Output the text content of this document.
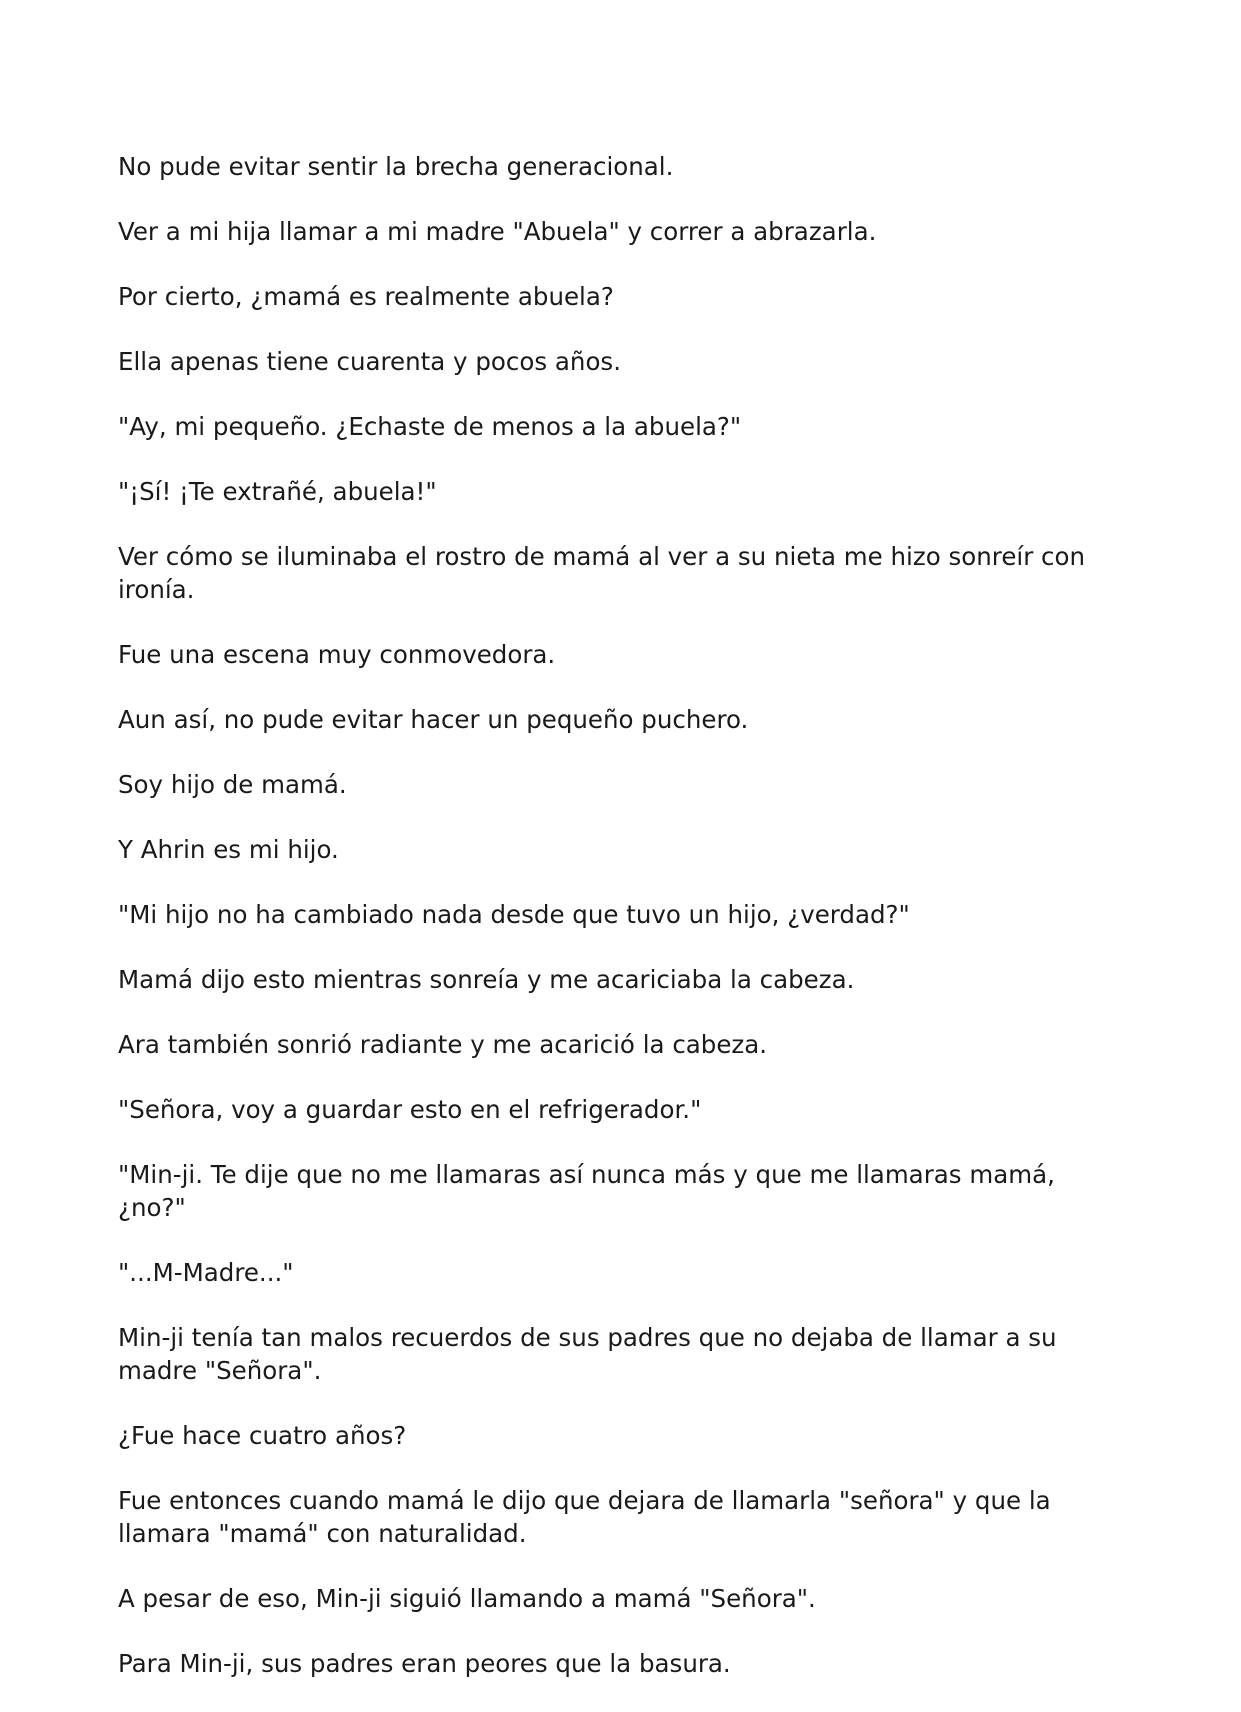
No pude evitar sentir la brecha generacional.

Ver a mi hija llamar a mi madre "Abuela" y correr a abrazarla.

Por cierto, ¿mamá es realmente abuela?

Ella apenas tiene cuarenta y pocos años.

"Ay, mi pequeño. ¿Echaste de menos a la abuela?"

"¡Sí! ¡Te extrañé, abuela!"

Ver cómo se iluminaba el rostro de mamá al ver a su nieta me hizo sonreír con ironía.

Fue una escena muy conmovedora.

Aun así, no pude evitar hacer un pequeño puchero.

Soy hijo de mamá.

Y Ahrin es mi hijo.

"Mi hijo no ha cambiado nada desde que tuvo un hijo, ¿verdad?"

Mamá dijo esto mientras sonreía y me acariciaba la cabeza.

Ara también sonrió radiante y me acarició la cabeza.

"Señora, voy a guardar esto en el refrigerador."

"Min-ji. Te dije que no me llamaras así nunca más y que me llamaras mamá, ¿no?"

"...M-Madre..."

Min-ji tenía tan malos recuerdos de sus padres que no dejaba de llamar a su madre "Señora".

¿Fue hace cuatro años?

Fue entonces cuando mamá le dijo que dejara de llamarla "señora" y que la llamara "mamá" con naturalidad.

A pesar de eso, Min-ji siguió llamando a mamá "Señora".

Para Min-ji, sus padres eran peores que la basura.
